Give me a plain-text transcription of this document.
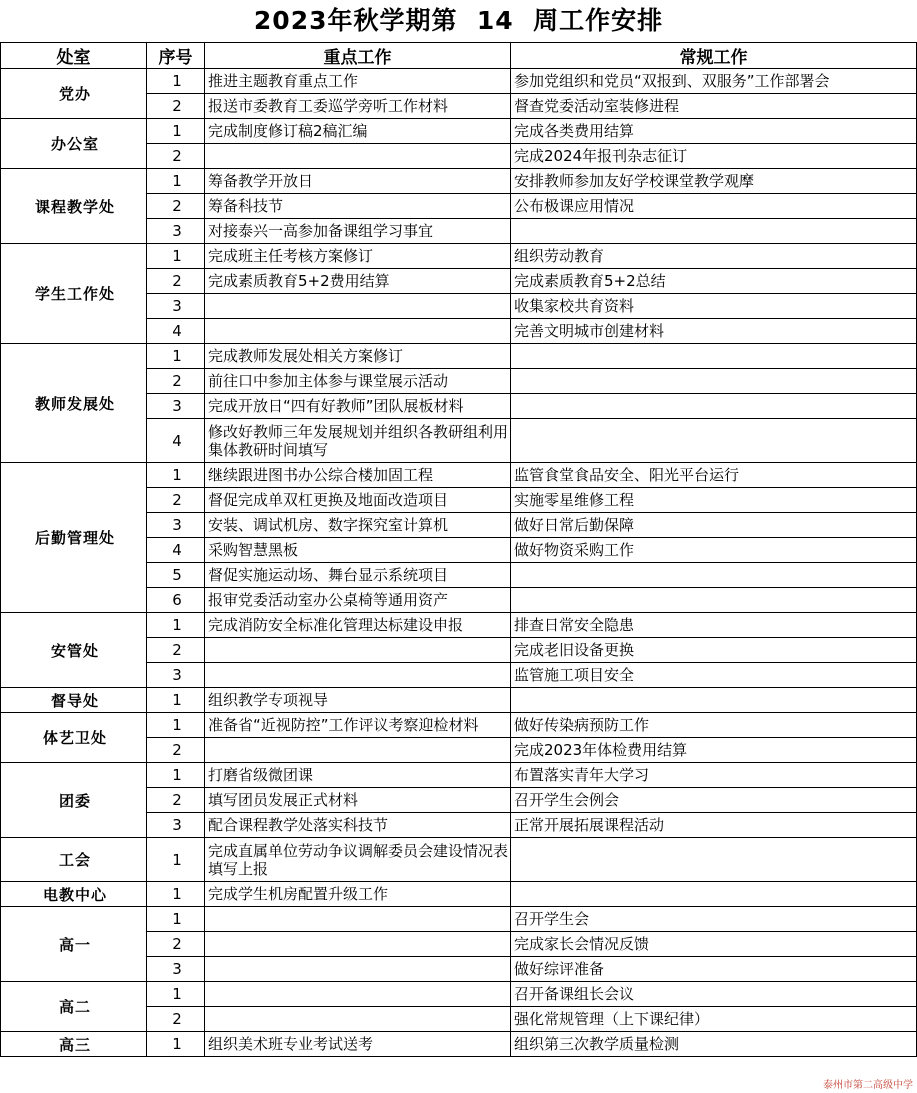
2023年秋学期第  14  周工作安排
处室	序号	重点工作	常规工作
党办	1	推进主题教育重点工作	参加党组织和党员“双报到、双服务”工作部署会
	2	报送市委教育工委巡学旁听工作材料	督查党委活动室装修进程
办公室	1	完成制度修订稿2稿汇编	完成各类费用结算
	2		完成2024年报刊杂志征订
课程教学处	1	筹备教学开放日	安排教师参加友好学校课堂教学观摩
	2	筹备科技节	公布极课应用情况
	3	对接泰兴一高参加备课组学习事宜	
学生工作处	1	完成班主任考核方案修订	组织劳动教育
	2	完成素质教育5+2费用结算	完成素质教育5+2总结
	3		收集家校共育资料
	4		完善文明城市创建材料
教师发展处	1	完成教师发展处相关方案修订	
	2	前往口中参加主体参与课堂展示活动	
	3	完成开放日“四有好教师”团队展板材料	
	4	修改好教师三年发展规划并组织各教研组利用集体教研时间填写	
后勤管理处	1	继续跟进图书办公综合楼加固工程	监管食堂食品安全、阳光平台运行
	2	督促完成单双杠更换及地面改造项目	实施零星维修工程
	3	安装、调试机房、数字探究室计算机	做好日常后勤保障
	4	采购智慧黑板	做好物资采购工作
	5	督促实施运动场、舞台显示系统项目	
	6	报审党委活动室办公桌椅等通用资产	
安管处	1	完成消防安全标准化管理达标建设申报	排查日常安全隐患
	2		完成老旧设备更换
	3		监管施工项目安全
督导处	1	组织教学专项视导	
体艺卫处	1	准备省“近视防控”工作评议考察迎检材料	做好传染病预防工作
	2		完成2023年体检费用结算
团委	1	打磨省级微团课	布置落实青年大学习
	2	填写团员发展正式材料	召开学生会例会
	3	配合课程教学处落实科技节	正常开展拓展课程活动
工会	1	完成直属单位劳动争议调解委员会建设情况表填写上报	
电教中心	1	完成学生机房配置升级工作	
高一	1		召开学生会
	2		完成家长会情况反馈
	3		做好综评准备
高二	1		召开备课组长会议
	2		强化常规管理（上下课纪律）
高三	1	组织美术班专业考试送考	组织第三次教学质量检测
泰州市第二高级中学
